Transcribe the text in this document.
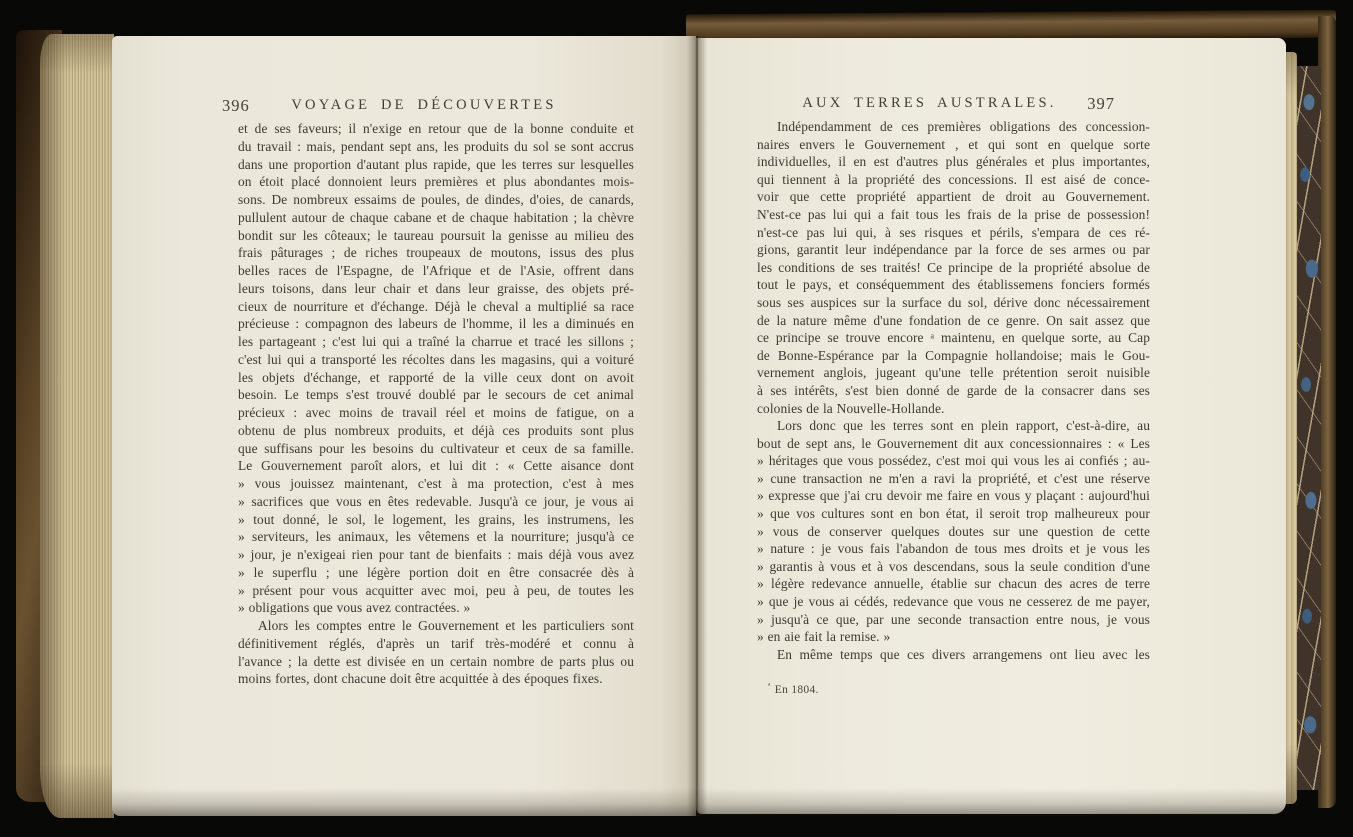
396	VOYAGE DE DÉCOUVERTES
et de ses faveurs; il n'exige en retour que de la bonne conduite et
du travail : mais, pendant sept ans, les produits du sol se sont accrus
dans une proportion d'autant plus rapide, que les terres sur lesquelles
on étoit placé donnoient leurs premières et plus abondantes mois-
sons. De nombreux essaims de poules, de dindes, d'oies, de canards,
pullulent autour de chaque cabane et de chaque habitation ; la chèvre
bondit sur les côteaux; le taureau poursuit la genisse au milieu des
frais pâturages ; de riches troupeaux de moutons, issus des plus
belles races de l'Espagne, de l'Afrique et de l'Asie, offrent dans
leurs toisons, dans leur chair et dans leur graisse, des objets pré-
cieux de nourriture et d'échange. Déjà le cheval a multiplié sa race
précieuse : compagnon des labeurs de l'homme, il les a diminués en
les partageant ; c'est lui qui a traîné la charrue et tracé les sillons ;
c'est lui qui a transporté les récoltes dans les magasins, qui a voituré
les objets d'échange, et rapporté de la ville ceux dont on avoit
besoin. Le temps s'est trouvé doublé par le secours de cet animal
précieux : avec moins de travail réel et moins de fatigue, on a
obtenu de plus nombreux produits, et déjà ces produits sont plus
que suffisans pour les besoins du cultivateur et ceux de sa famille.
Le Gouvernement paroît alors, et lui dit : « Cette aisance dont
» vous jouissez maintenant, c'est à ma protection, c'est à mes
» sacrifices que vous en êtes redevable. Jusqu'à ce jour, je vous ai
» tout donné, le sol, le logement, les grains, les instrumens, les
» serviteurs, les animaux, les vêtemens et la nourriture; jusqu'à ce
» jour, je n'exigeai rien pour tant de bienfaits : mais déjà vous avez
» le superflu ; une légère portion doit en être consacrée dès à
» présent pour vous acquitter avec moi, peu à peu, de toutes les
» obligations que vous avez contractées. »
Alors les comptes entre le Gouvernement et les particuliers sont
définitivement réglés, d'après un tarif très-modéré et connu à
l'avance ; la dette est divisée en un certain nombre de parts plus ou
moins fortes, dont chacune doit être acquittée à des époques fixes.
AUX TERRES AUSTRALES.	397
Indépendamment de ces premières obligations des concession-
naires envers le Gouvernement , et qui sont en quelque sorte
individuelles, il en est d'autres plus générales et plus importantes,
qui tiennent à la propriété des concessions. Il est aisé de conce-
voir que cette propriété appartient de droit au Gouvernement.
N'est-ce pas lui qui a fait tous les frais de la prise de possession!
n'est-ce pas lui qui, à ses risques et périls, s'empara de ces ré-
gions, garantit leur indépendance par la force de ses armes ou par
les conditions de ses traités! Ce principe de la propriété absolue de
tout le pays, et conséquemment des établissemens fonciers formés
sous ses auspices sur la surface du sol, dérive donc nécessairement
de la nature même d'une fondation de ce genre. On sait assez que
ce principe se trouve encore ᵃ maintenu, en quelque sorte, au Cap
de Bonne-Espérance par la Compagnie hollandoise; mais le Gou-
vernement anglois, jugeant qu'une telle prétention seroit nuisible
à ses intérêts, s'est bien donné de garde de la consacrer dans ses
colonies de la Nouvelle-Hollande.
Lors donc que les terres sont en plein rapport, c'est-à-dire, au
bout de sept ans, le Gouvernement dit aux concessionnaires : « Les
» héritages que vous possédez, c'est moi qui vous les ai confiés ; au-
» cune transaction ne m'en a ravi la propriété, et c'est une réserve
» expresse que j'ai cru devoir me faire en vous y plaçant : aujourd'hui
» que vos cultures sont en bon état, il seroit trop malheureux pour
» vous de conserver quelques doutes sur une question de cette
» nature : je vous fais l'abandon de tous mes droits et je vous les
» garantis à vous et à vos descendans, sous la seule condition d'une
» légère redevance annuelle, établie sur chacun des acres de terre
» que je vous ai cédés, redevance que vous ne cesserez de me payer,
» jusqu'à ce que, par une seconde transaction entre nous, je vous
» en aie fait la remise. »
En même temps que ces divers arrangemens ont lieu avec les
$^ᵃ$ En 1804.
